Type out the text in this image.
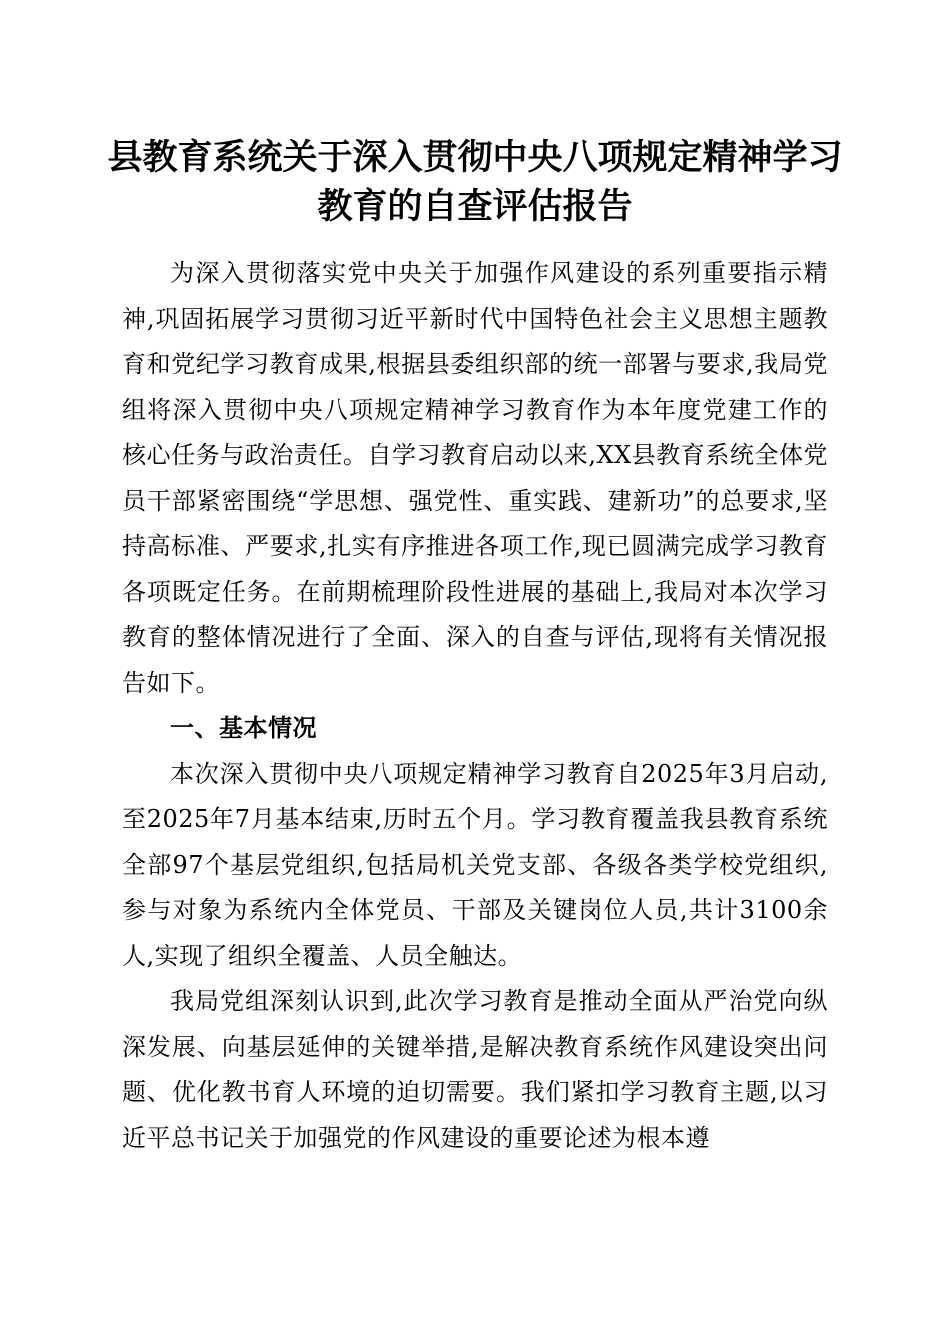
县教育系统关于深入贯彻中央八项规定精神学习教育的自查评估报告

为深入贯彻落实党中央关于加强作风建设的系列重要指示精神,巩固拓展学习贯彻习近平新时代中国特色社会主义思想主题教育和党纪学习教育成果,根据县委组织部的统一部署与要求,我局党组将深入贯彻中央八项规定精神学习教育作为本年度党建工作的核心任务与政治责任。自学习教育启动以来,XX县教育系统全体党员干部紧密围绕“学思想、强党性、重实践、建新功”的总要求,坚持高标准、严要求,扎实有序推进各项工作,现已圆满完成学习教育各项既定任务。在前期梳理阶段性进展的基础上,我局对本次学习教育的整体情况进行了全面、深入的自查与评估,现将有关情况报告如下。

一、基本情况

本次深入贯彻中央八项规定精神学习教育自2025年3月启动,至2025年7月基本结束,历时五个月。学习教育覆盖我县教育系统全部97个基层党组织,包括局机关党支部、各级各类学校党组织,参与对象为系统内全体党员、干部及关键岗位人员,共计3100余人,实现了组织全覆盖、人员全触达。

我局党组深刻认识到,此次学习教育是推动全面从严治党向纵深发展、向基层延伸的关键举措,是解决教育系统作风建设突出问题、优化教书育人环境的迫切需要。我们紧扣学习教育主题,以习近平总书记关于加强党的作风建设的重要论述为根本遵
